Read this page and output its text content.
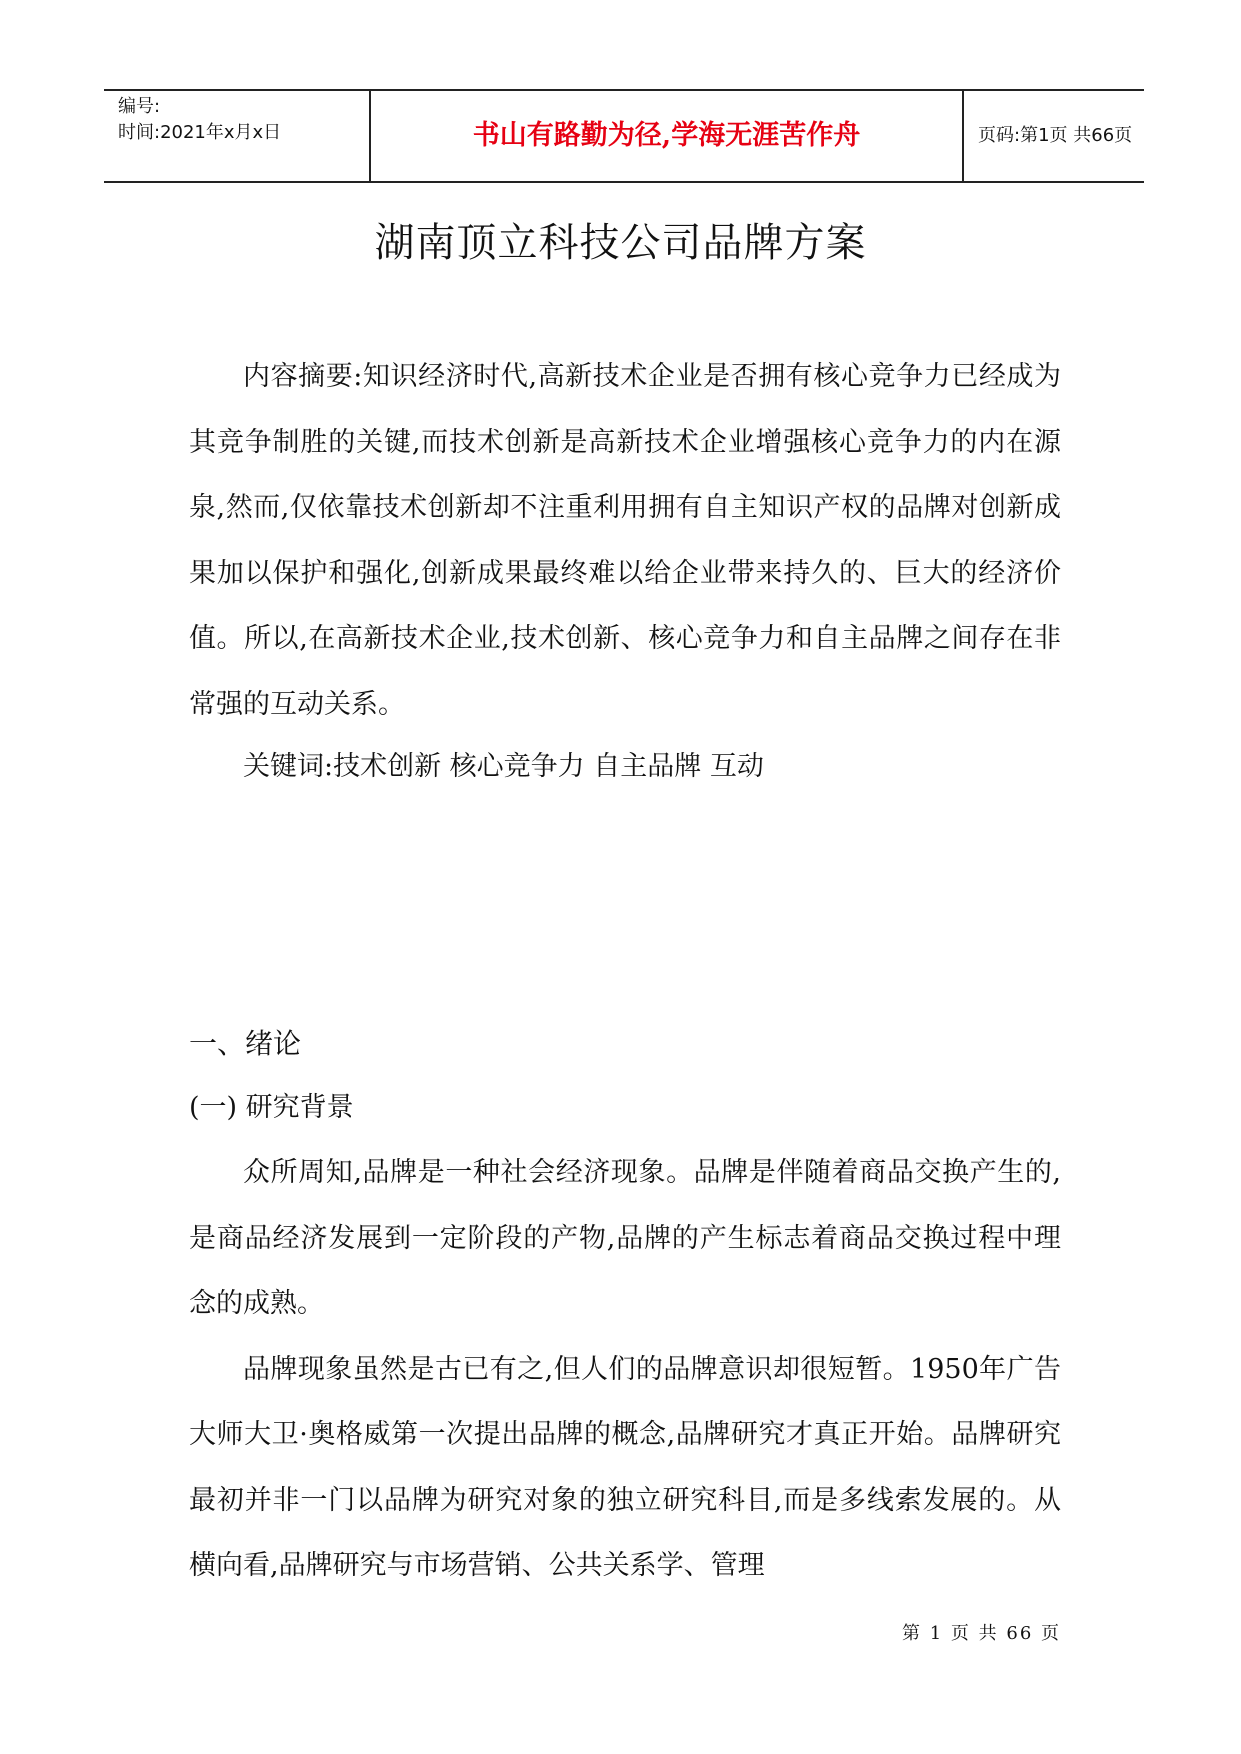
编号:
时间:2021年x月x日	书山有路勤为径,学海无涯苦作舟	页码:第1页 共66页
湖南顶立科技公司品牌方案

内容摘要:知识经济时代,高新技术企业是否拥有核心竞争力已经成为其竞争制胜的关键,而技术创新是高新技术企业增强核心竞争力的内在源泉,然而,仅依靠技术创新却不注重利用拥有自主知识产权的品牌对创新成果加以保护和强化,创新成果最终难以给企业带来持久的、巨大的经济价值。所以,在高新技术企业,技术创新、核心竞争力和自主品牌之间存在非常强的互动关系。

关键词:技术创新 核心竞争力 自主品牌 互动

一、绪论

(一) 研究背景

众所周知,品牌是一种社会经济现象。品牌是伴随着商品交换产生的,是商品经济发展到一定阶段的产物,品牌的产生标志着商品交换过程中理念的成熟。

品牌现象虽然是古已有之,但人们的品牌意识却很短暂。1950年广告大师大卫·奥格威第一次提出品牌的概念,品牌研究才真正开始。品牌研究最初并非一门以品牌为研究对象的独立研究科目,而是多线索发展的。从横向看,品牌研究与市场营销、公共关系学、管理

第 1 页 共 66 页
